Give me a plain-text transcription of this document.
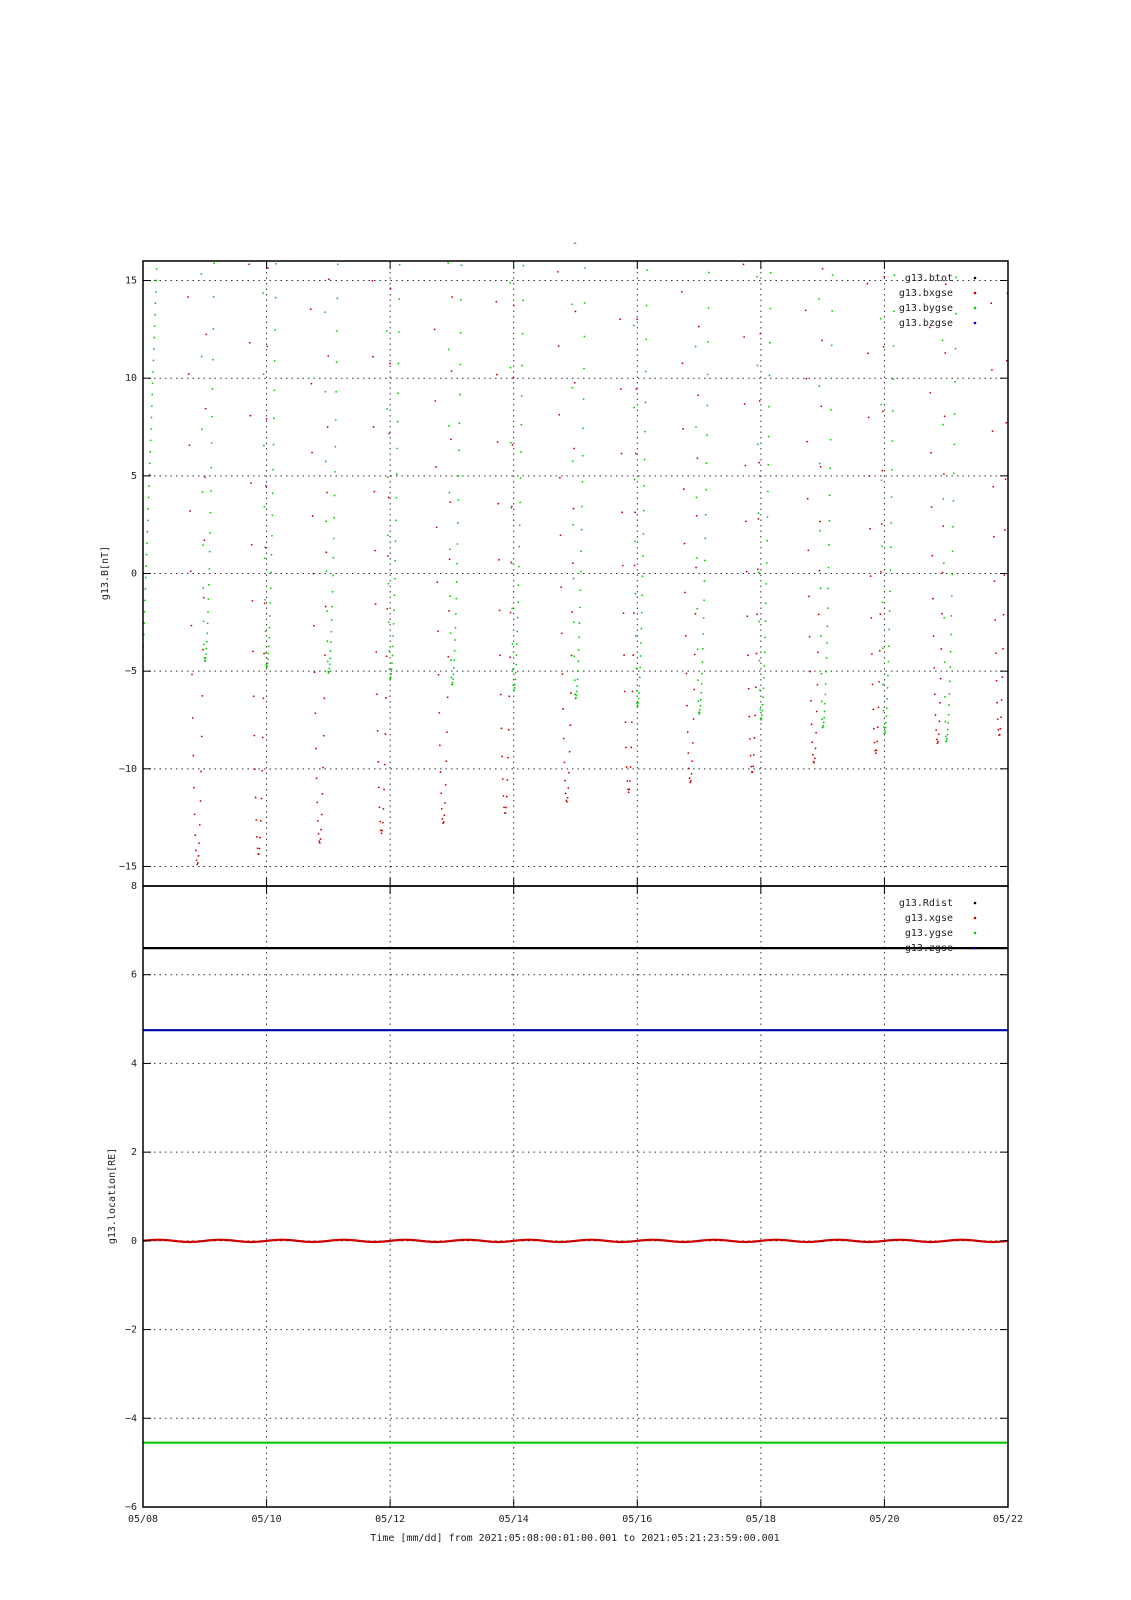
-
−15
−10
−5
0
5
10
15
g13.B[nT]
g13.btot
g13.bxgse
g13.bygse
g13.bzgse
−6
−4
−2
0
2
4
6
8
g13.location[RE]
g13.Rdist
g13.xgse
g13.ygse
g13.zgse
05/08	05/10	05/12	05/14	05/16	05/18	05/20	05/22
Time [mm/dd] from 2021:05:08:00:01:00.001 to 2021:05:21:23:59:00.001
